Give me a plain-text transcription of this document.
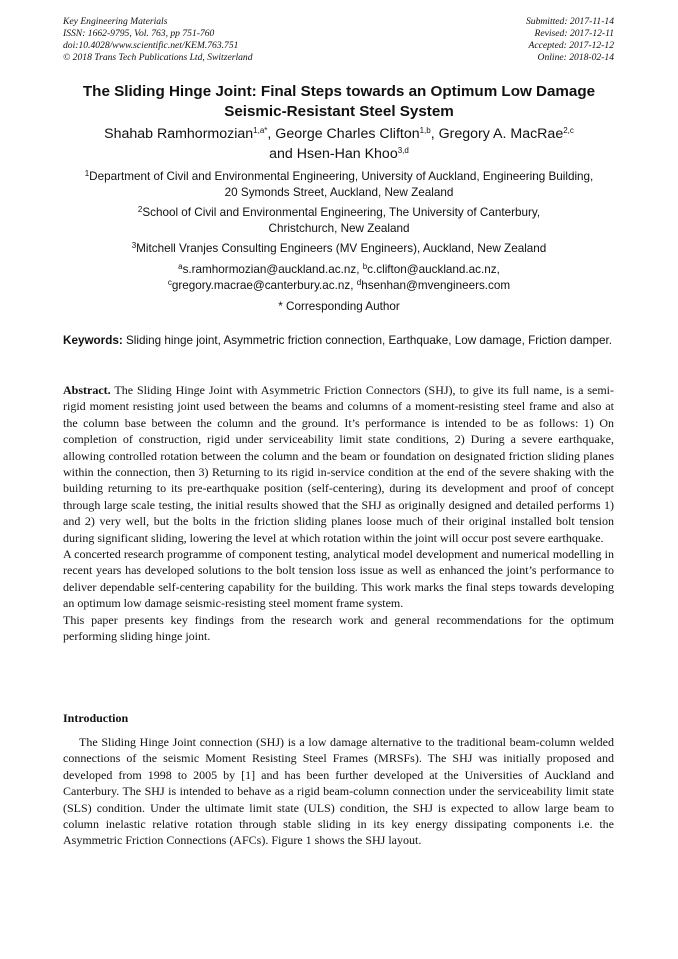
Key Engineering Materials
ISSN: 1662-9795, Vol. 763, pp 751-760
doi:10.4028/www.scientific.net/KEM.763.751
© 2018 Trans Tech Publications Ltd, Switzerland
Submitted: 2017-11-14
Revised: 2017-12-11
Accepted: 2017-12-12
Online: 2018-02-14
The Sliding Hinge Joint: Final Steps towards an Optimum Low Damage
Seismic-Resistant Steel System
Shahab Ramhormozian$^{1,a*}$, George Charles Clifton$^{1,b}$, Gregory A. MacRae$^{2,c}$
and Hsen-Han Khoo$^{3,d}$
$^1$Department of Civil and Environmental Engineering, University of Auckland, Engineering Building,
20 Symonds Street, Auckland, New Zealand
$^2$School of Civil and Environmental Engineering, The University of Canterbury,
Christchurch, New Zealand
$^3$Mitchell Vranjes Consulting Engineers (MV Engineers), Auckland, New Zealand
$^a$s.ramhormozian@auckland.ac.nz, $^b$c.clifton@auckland.ac.nz,
$^c$gregory.macrae@canterbury.ac.nz, $^d$hsenhan@mvengineers.com
* Corresponding Author
Keywords: Sliding hinge joint, Asymmetric friction connection, Earthquake, Low damage, Friction damper.

Abstract. The Sliding Hinge Joint with Asymmetric Friction Connectors (SHJ), to give its full name, is a semi-rigid moment resisting joint used between the beams and columns of a moment-resisting steel frame and also at the column base between the column and the ground. It’s performance is intended to be as follows: 1) On completion of construction, rigid under serviceability limit state conditions, 2) During a severe earthquake, allowing controlled rotation between the column and the beam or foundation on designated friction sliding planes within the connection, then 3) Returning to its rigid in-service condition at the end of the severe shaking with the building returning to its pre-earthquake position (self-centering), during its development and proof of concept through large scale testing, the initial results showed that the SHJ as originally designed and detailed performs 1) and 2) very well, but the bolts in the friction sliding planes loose much of their original installed bolt tension during significant sliding, lowering the level at which rotation within the joint will occur post severe earthquake.

A concerted research programme of component testing, analytical model development and numerical modelling in recent years has developed solutions to the bolt tension loss issue as well as enhanced the joint’s performance to deliver dependable self-centering capability for the building. This work marks the final steps towards developing an optimum low damage seismic-resisting steel moment frame system.

This paper presents key findings from the research work and general recommendations for the optimum performing sliding hinge joint.

Introduction

The Sliding Hinge Joint connection (SHJ) is a low damage alternative to the traditional beam-column welded connections of the seismic Moment Resisting Steel Frames (MRSFs). The SHJ was initially proposed and developed from 1998 to 2005 by [1] and has been further developed at the Universities of Auckland and Canterbury. The SHJ is intended to behave as a rigid beam-column connection under the serviceability limit state (SLS) condition. Under the ultimate limit state (ULS) condition, the SHJ is expected to allow large beam to column inelastic relative rotation through stable sliding in its key energy dissipating components i.e. the Asymmetric Friction Connections (AFCs). Figure 1 shows the SHJ layout.
